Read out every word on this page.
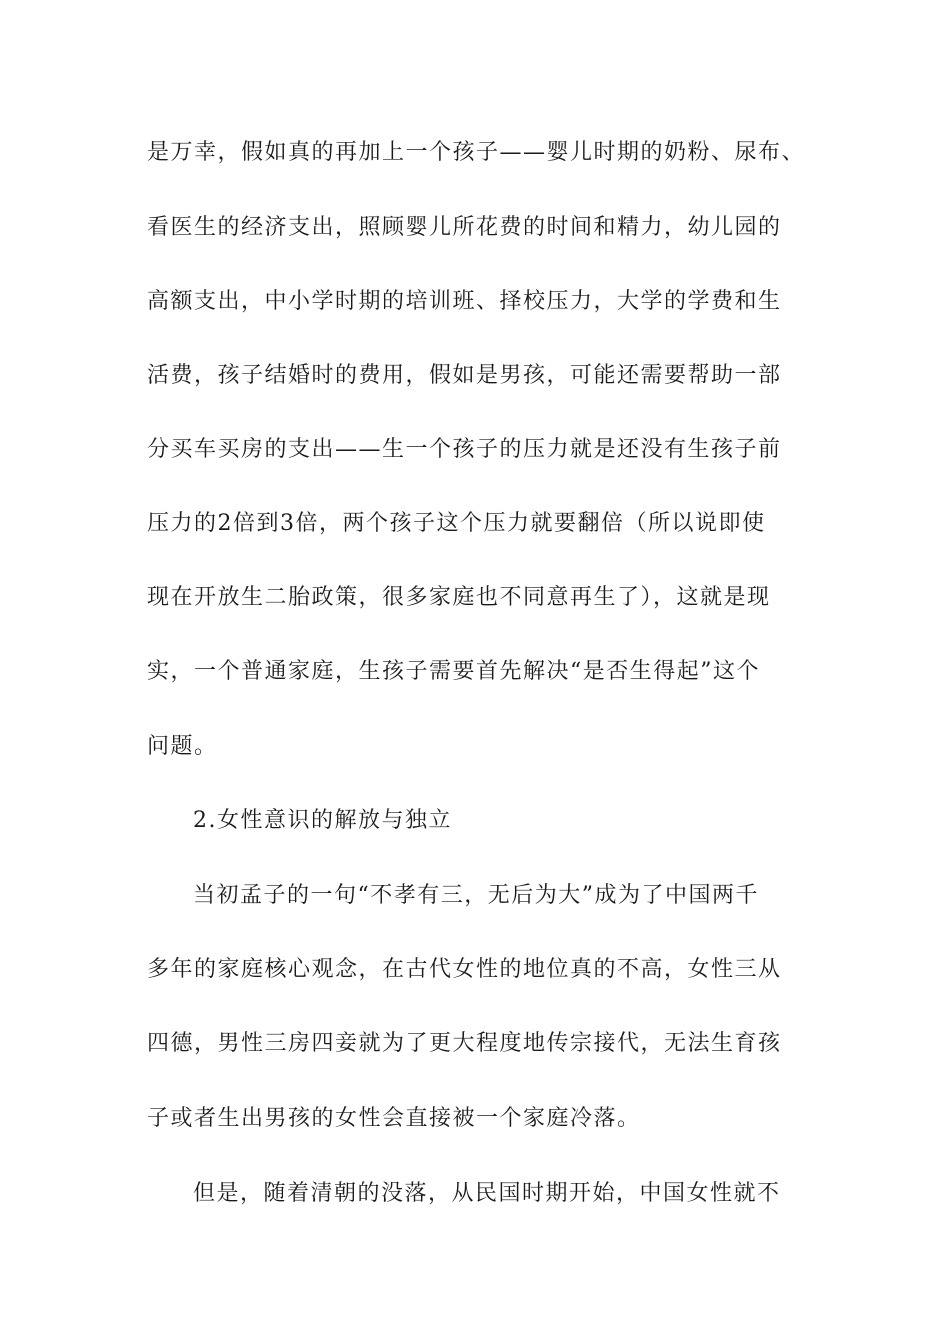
是万幸，假如真的再加上一个孩子——婴儿时期的奶粉、尿布、
看医生的经济支出，照顾婴儿所花费的时间和精力，幼儿园的
高额支出，中小学时期的培训班、择校压力，大学的学费和生
活费，孩子结婚时的费用，假如是男孩，可能还需要帮助一部
分买车买房的支出——生一个孩子的压力就是还没有生孩子前
压力的2倍到3倍，两个孩子这个压力就要翻倍（所以说即使
现在开放生二胎政策，很多家庭也不同意再生了），这就是现
实，一个普通家庭，生孩子需要首先解决“是否生得起”这个
问题。
2.女性意识的解放与独立
当初孟子的一句“不孝有三，无后为大”成为了中国两千
多年的家庭核心观念，在古代女性的地位真的不高，女性三从
四德，男性三房四妾就为了更大程度地传宗接代，无法生育孩
子或者生出男孩的女性会直接被一个家庭冷落。
但是，随着清朝的没落，从民国时期开始，中国女性就不
